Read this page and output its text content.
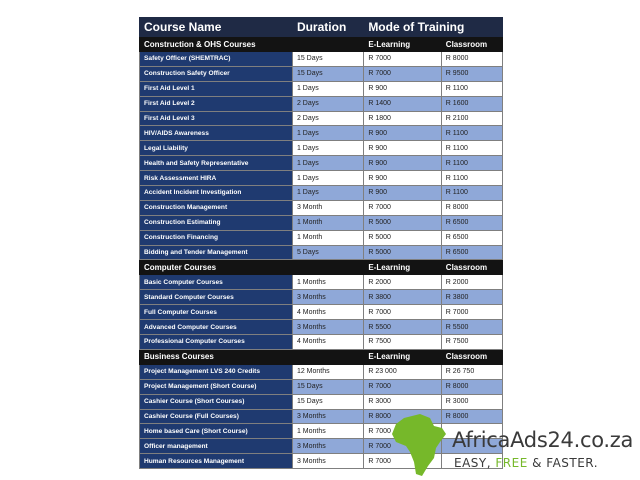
Course Name	Duration	Mode of Training	
Construction & OHS Courses		E-Learning	Classroom
Safety Officer (SHEMTRAC)	15 Days	R 7000	R 8000
Construction Safety Officer	15 Days	R 7000	R 9500
First Aid Level 1	1 Days	R 900	R 1100
First Aid Level 2	2 Days	R 1400	R 1600
First Aid Level 3	2 Days	R 1800	R 2100
HIV/AIDS Awareness	1 Days	R 900	R 1100
Legal Liability	1 Days	R 900	R 1100
Health and Safety Representative	1 Days	R 900	R 1100
Risk Assessment HIRA	1 Days	R 900	R 1100
Accident Incident Investigation	1 Days	R 900	R 1100
Construction Management	3 Month	R 7000	R 8000
Construction Estimating	1 Month	R 5000	R 6500
Construction Financing	1 Month	R 5000	R 6500
Bidding and Tender Management	5 Days	R 5000	R 6500
Computer Courses		E-Learning	Classroom
Basic Computer Courses	1 Months	R 2000	R 2000
Standard Computer Courses	3 Months	R 3800	R 3800
Full Computer Courses	4 Months	R 7000	R 7000
Advanced Computer Courses	3 Months	R 5500	R 5500
Professional Computer Courses	4 Months	R 7500	R 7500
Business Courses		E-Learning	Classroom
Project Management LVS 240 Credits	12 Months	R 23 000	R 26 750
Project Management (Short Course)	15 Days	R 7000	R 8000
Cashier Course (Short Courses)	15 Days	R 3000	R 3000
Cashier Course (Full Courses)	3 Months	R 8000	R 8000
Home based Care (Short Course)	1 Months	R 7000	
Officer management	3 Months	R 7000	
Human Resources Management	3 Months	R 7000	
AfricaAds24.co.za
EASY, FREE & FASTER.
